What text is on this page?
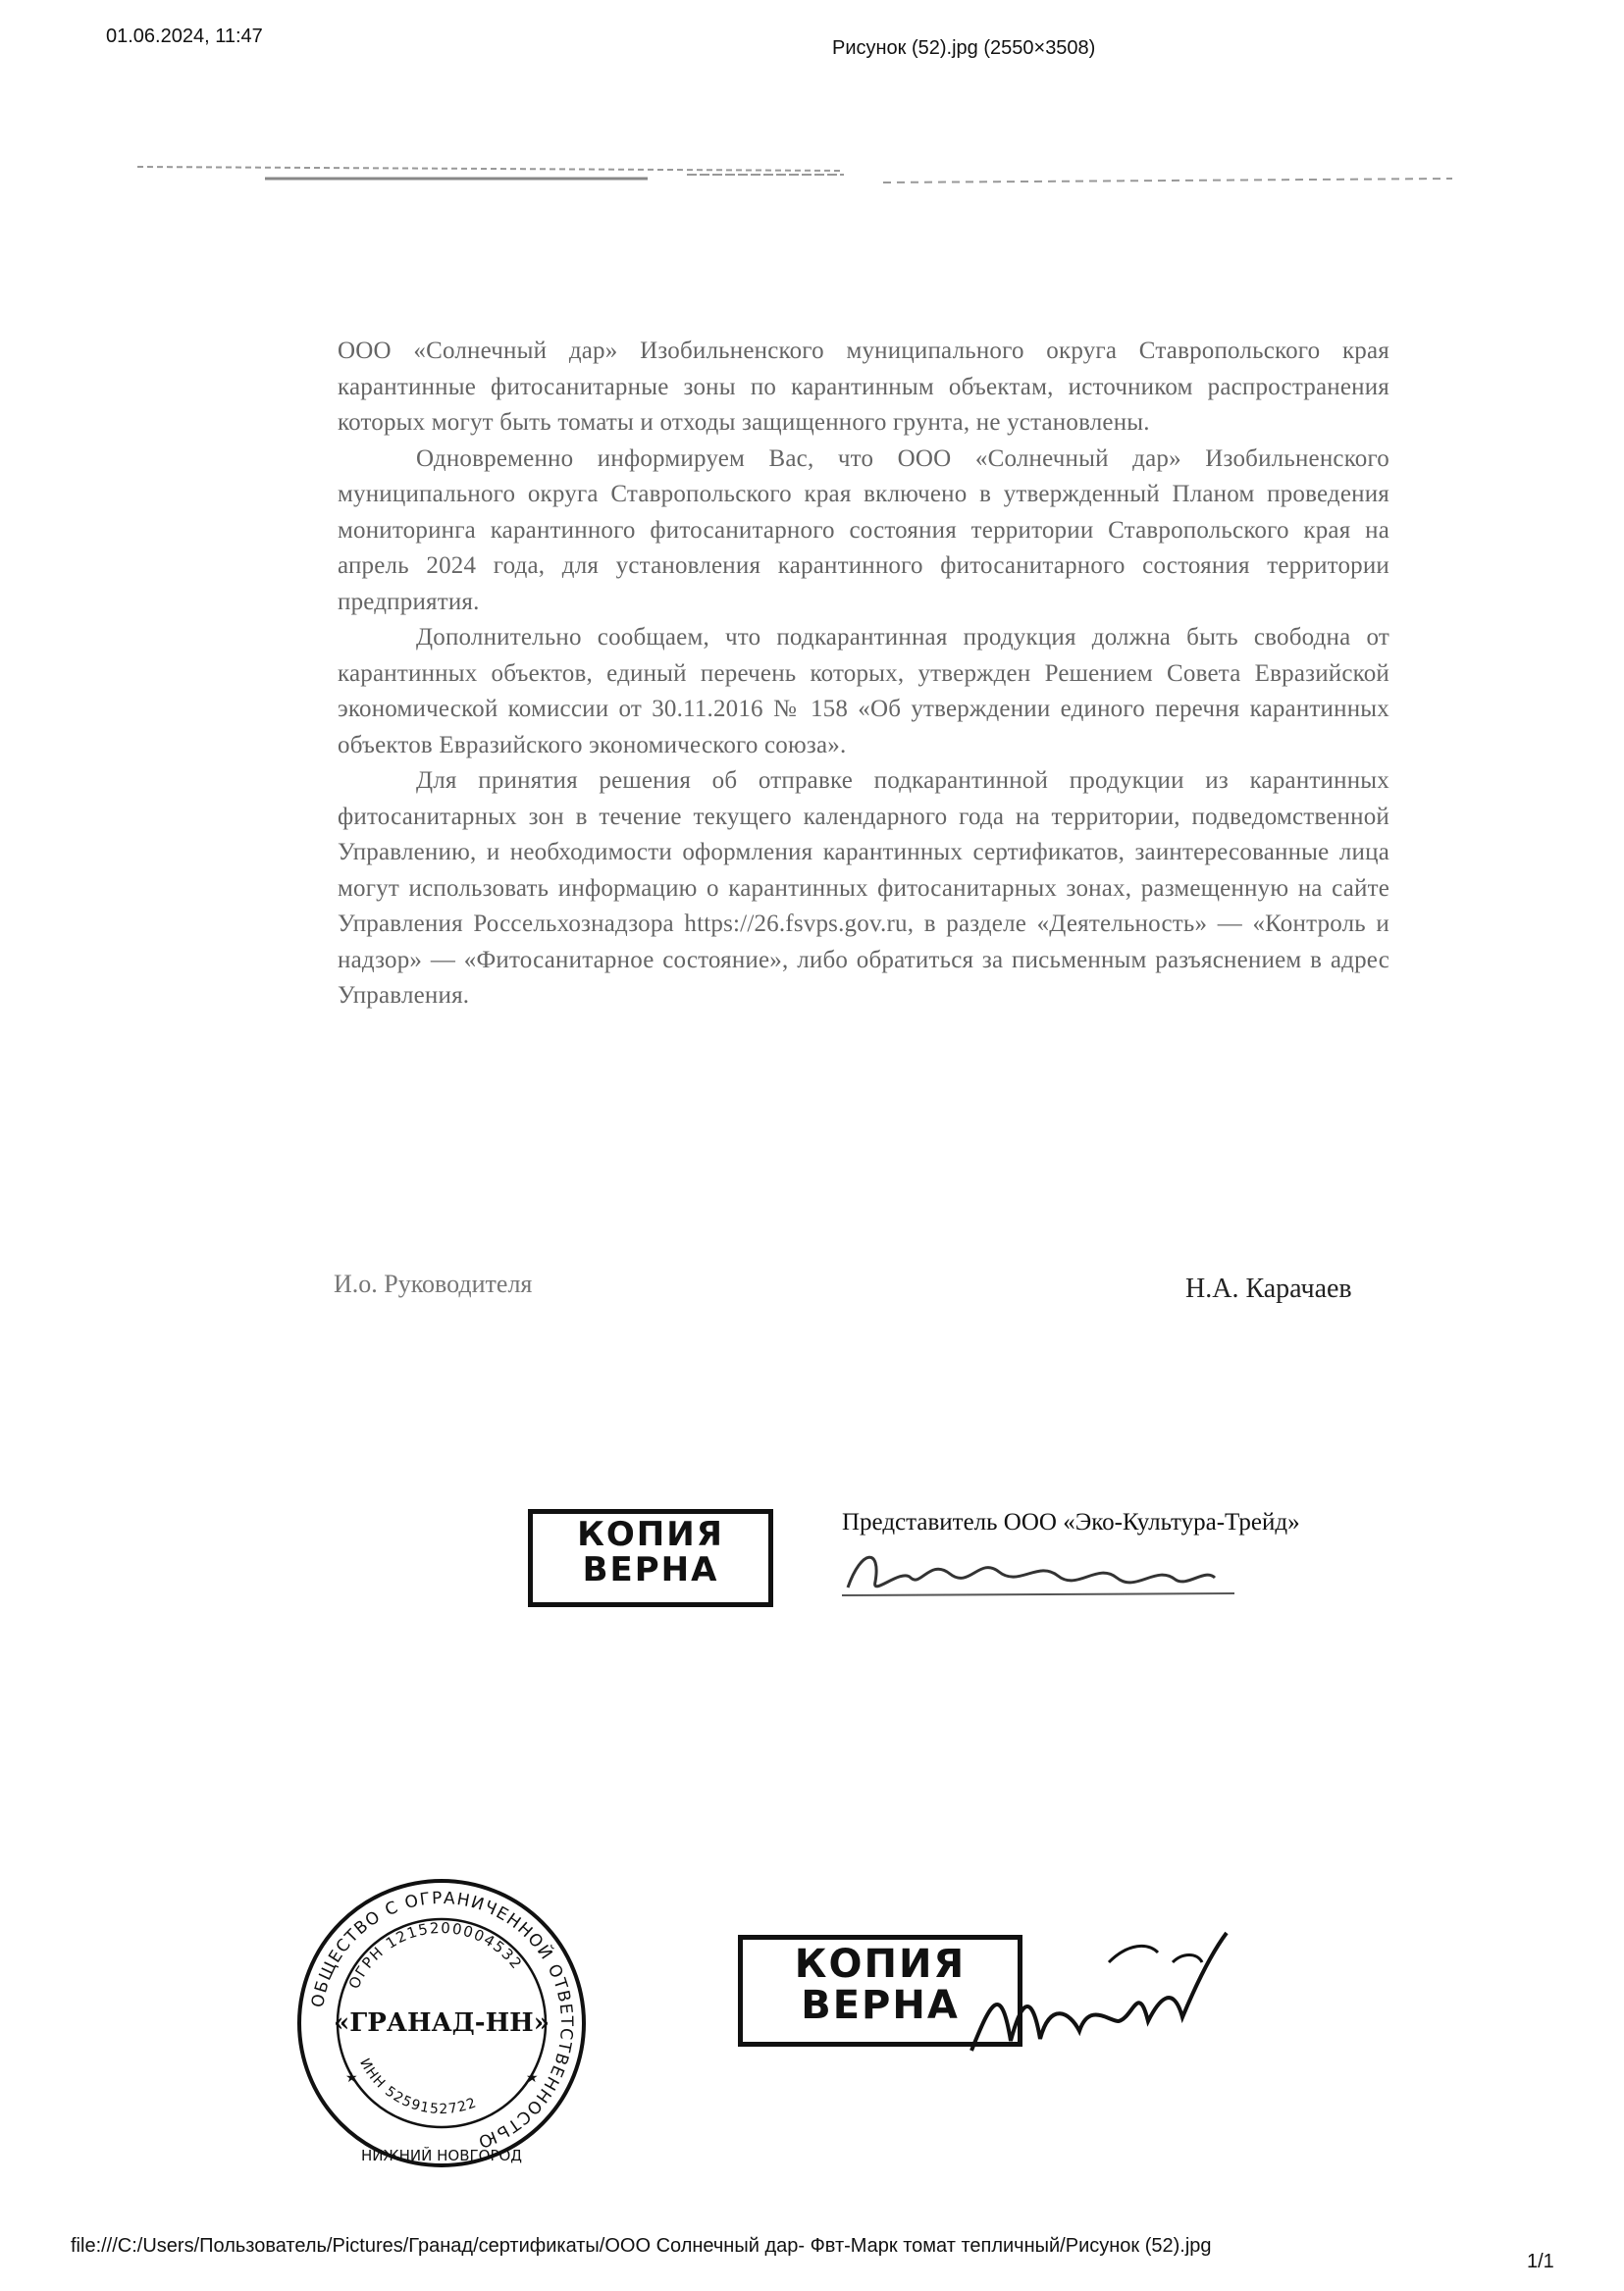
01.06.2024, 11:47
Рисунок (52).jpg (2550×3508)

ООО «Солнечный дар» Изобильненского муниципального округа Ставропольского края карантинные фитосанитарные зоны по карантинным объектам, источником распространения которых могут быть томаты и отходы защищенного грунта, не установлены.

Одновременно информируем Вас, что ООО «Солнечный дар» Изобильненского муниципального округа Ставропольского края включено в утвержденный Планом проведения мониторинга карантинного фитосанитарного состояния территории Ставропольского края на апрель 2024 года, для установления карантинного фитосанитарного состояния территории предприятия.

Дополнительно сообщаем, что подкарантинная продукция должна быть свободна от карантинных объектов, единый перечень которых, утвержден Решением Совета Евразийской экономической комиссии от 30.11.2016 № 158 «Об утверждении единого перечня карантинных объектов Евразийского экономического союза».

Для принятия решения об отправке подкарантинной продукции из карантинных фитосанитарных зон в течение текущего календарного года на территории, подведомственной Управлению, и необходимости оформления карантинных сертификатов, заинтересованные лица могут использовать информацию о карантинных фитосанитарных зонах, размещенную на сайте Управления Россельхознадзора https://26.fsvps.gov.ru, в разделе «Деятельность» — «Контроль и надзор» — «Фитосанитарное состояние», либо обратиться за письменным разъяснением в адрес Управления.

И.о. Руководителя	Н.А. Карачаев
КОПИЯ
ВЕРНА
Представитель ООО «Эко-Культура-Трейд»
КОПИЯ
ВЕРНА
ОБЩЕСТВО С ОГРАНИЧЕННОЙ ОТВЕТСТВЕННОСТЬЮ
ОГРН 1215200004532
ИНН 5259152722
«ГРАНАД-НН»
НИЖНИЙ НОВГОРОД
★	★
file:///C:/Users/Пользователь/Pictures/Гранад/сертификаты/ООО Солнечный дар- Фвт-Марк томат тепличный/Рисунок (52).jpg
1/1
